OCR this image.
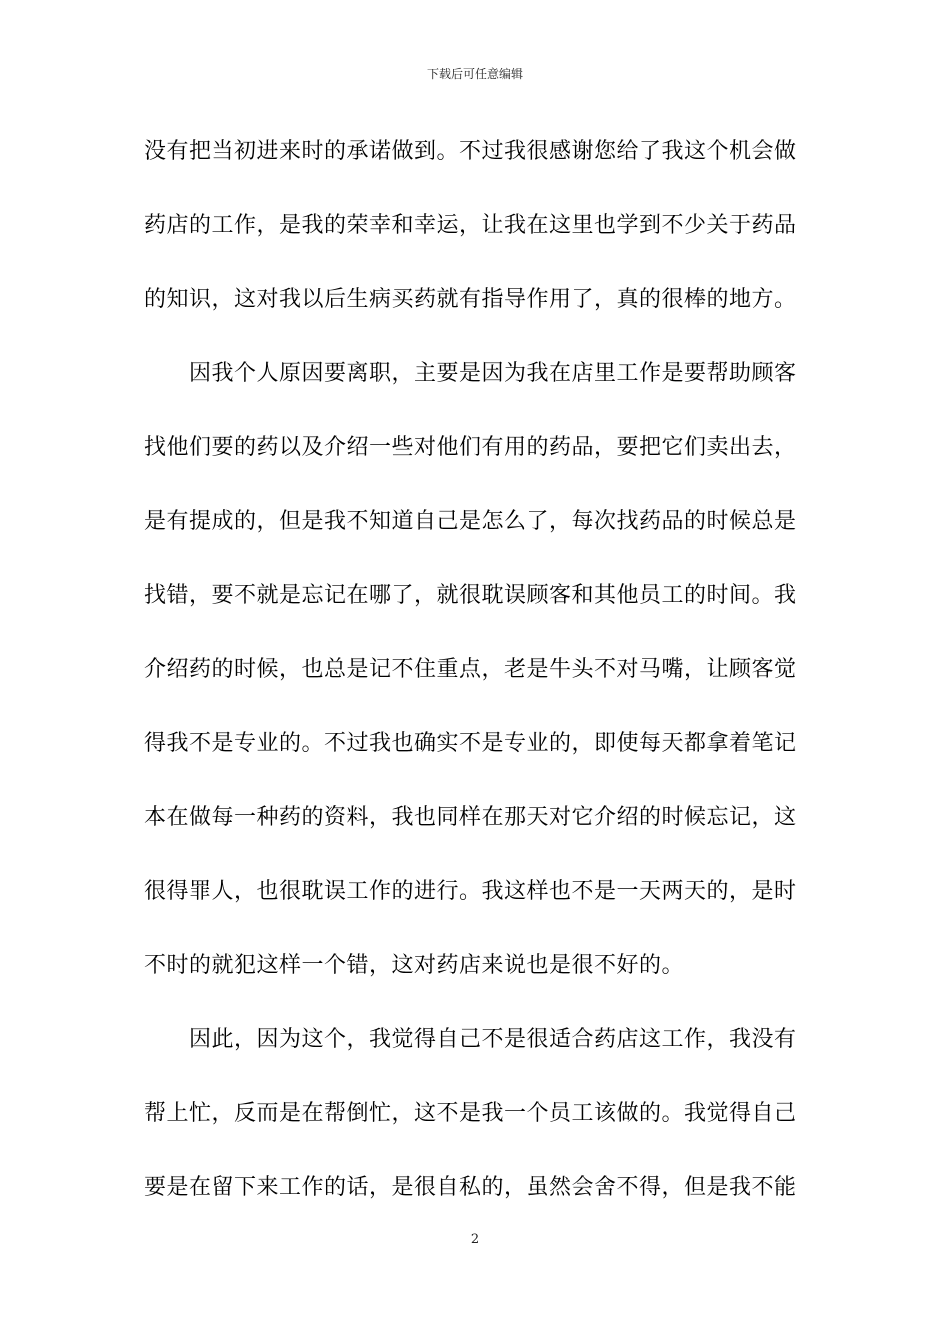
下载后可任意编辑
没有把当初进来时的承诺做到。不过我很感谢您给了我这个机会做
药店的工作，是我的荣幸和幸运，让我在这里也学到不少关于药品
的知识，这对我以后生病买药就有指导作用了，真的很棒的地方。
因我个人原因要离职，主要是因为我在店里工作是要帮助顾客
找他们要的药以及介绍一些对他们有用的药品，要把它们卖出去，
是有提成的，但是我不知道自己是怎么了，每次找药品的时候总是
找错，要不就是忘记在哪了，就很耽误顾客和其他员工的时间。我
介绍药的时候，也总是记不住重点，老是牛头不对马嘴，让顾客觉
得我不是专业的。不过我也确实不是专业的，即使每天都拿着笔记
本在做每一种药的资料，我也同样在那天对它介绍的时候忘记，这
很得罪人，也很耽误工作的进行。我这样也不是一天两天的，是时
不时的就犯这样一个错，这对药店来说也是很不好的。
因此，因为这个，我觉得自己不是很适合药店这工作，我没有
帮上忙，反而是在帮倒忙，这不是我一个员工该做的。我觉得自己
要是在留下来工作的话，是很自私的，虽然会舍不得，但是我不能
2
